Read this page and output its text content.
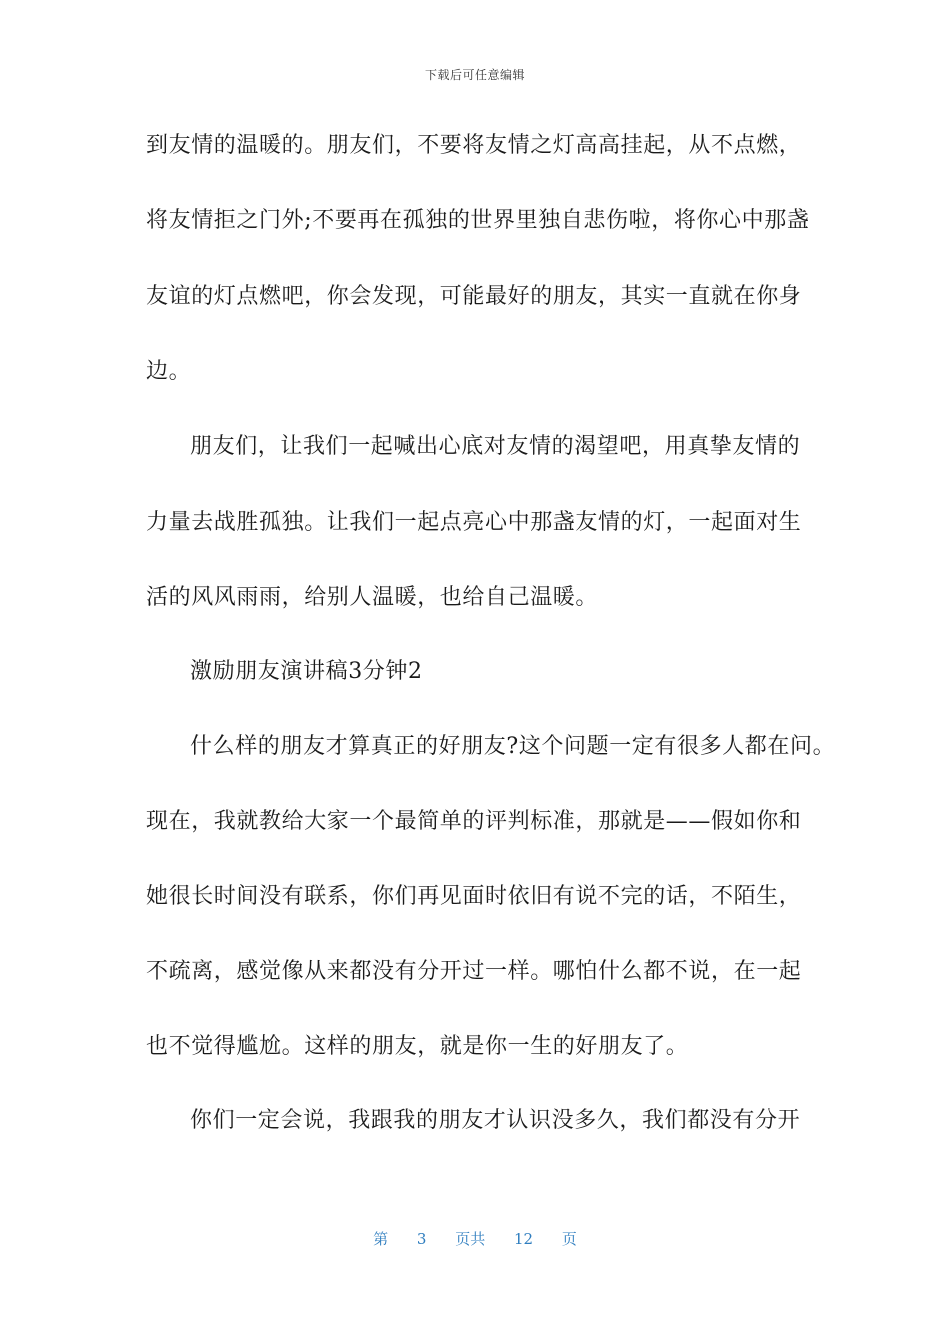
下载后可任意编辑
到友情的温暖的。朋友们，不要将友情之灯高高挂起，从不点燃，
将友情拒之门外;不要再在孤独的世界里独自悲伤啦，将你心中那盏
友谊的灯点燃吧，你会发现，可能最好的朋友，其实一直就在你身
边。
朋友们，让我们一起喊出心底对友情的渴望吧，用真挚友情的
力量去战胜孤独。让我们一起点亮心中那盏友情的灯，一起面对生
活的风风雨雨，给别人温暖，也给自己温暖。
激励朋友演讲稿3分钟2
什么样的朋友才算真正的好朋友?这个问题一定有很多人都在问。
现在，我就教给大家一个最简单的评判标准，那就是——假如你和
她很长时间没有联系，你们再见面时依旧有说不完的话，不陌生，
不疏离，感觉像从来都没有分开过一样。哪怕什么都不说，在一起
也不觉得尴尬。这样的朋友，就是你一生的好朋友了。
你们一定会说，我跟我的朋友才认识没多久，我们都没有分开
第 3 页共 12 页
